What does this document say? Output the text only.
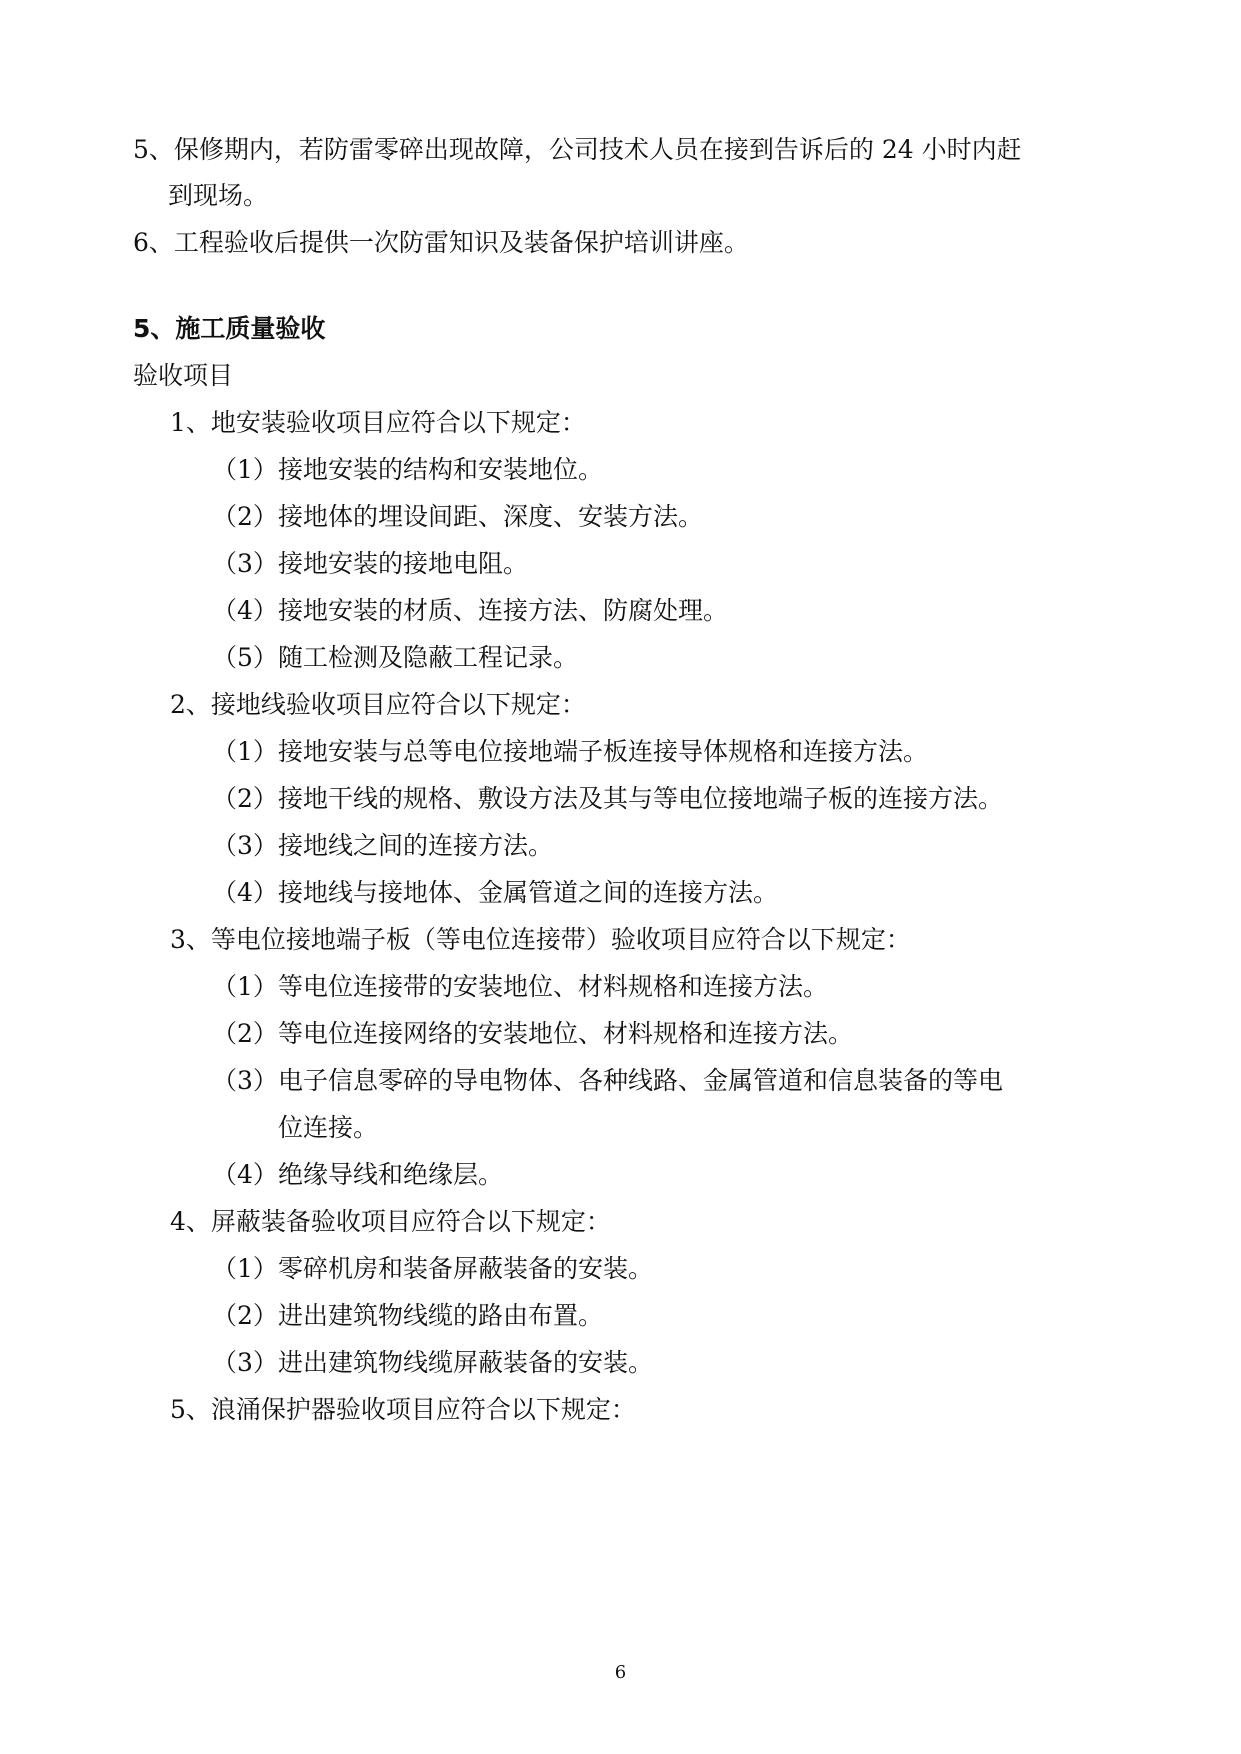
5、保修期内，若防雷零碎出现故障，公司技术人员在接到告诉后的 24 小时内赶
到现场。
6、工程验收后提供一次防雷知识及装备保护培训讲座。
5、施工质量验收
验收项目
1、地安装验收项目应符合以下规定：
（1）接地安装的结构和安装地位。
（2）接地体的埋设间距、深度、安装方法。
（3）接地安装的接地电阻。
（4）接地安装的材质、连接方法、防腐处理。
（5）随工检测及隐蔽工程记录。
2、接地线验收项目应符合以下规定：
（1）接地安装与总等电位接地端子板连接导体规格和连接方法。
（2）接地干线的规格、敷设方法及其与等电位接地端子板的连接方法。
（3）接地线之间的连接方法。
（4）接地线与接地体、金属管道之间的连接方法。
3、等电位接地端子板（等电位连接带）验收项目应符合以下规定：
（1）等电位连接带的安装地位、材料规格和连接方法。
（2）等电位连接网络的安装地位、材料规格和连接方法。
（3）电子信息零碎的导电物体、各种线路、金属管道和信息装备的等电
位连接。
（4）绝缘导线和绝缘层。
4、屏蔽装备验收项目应符合以下规定：
（1）零碎机房和装备屏蔽装备的安装。
（2）进出建筑物线缆的路由布置。
（3）进出建筑物线缆屏蔽装备的安装。
5、浪涌保护器验收项目应符合以下规定：
6
